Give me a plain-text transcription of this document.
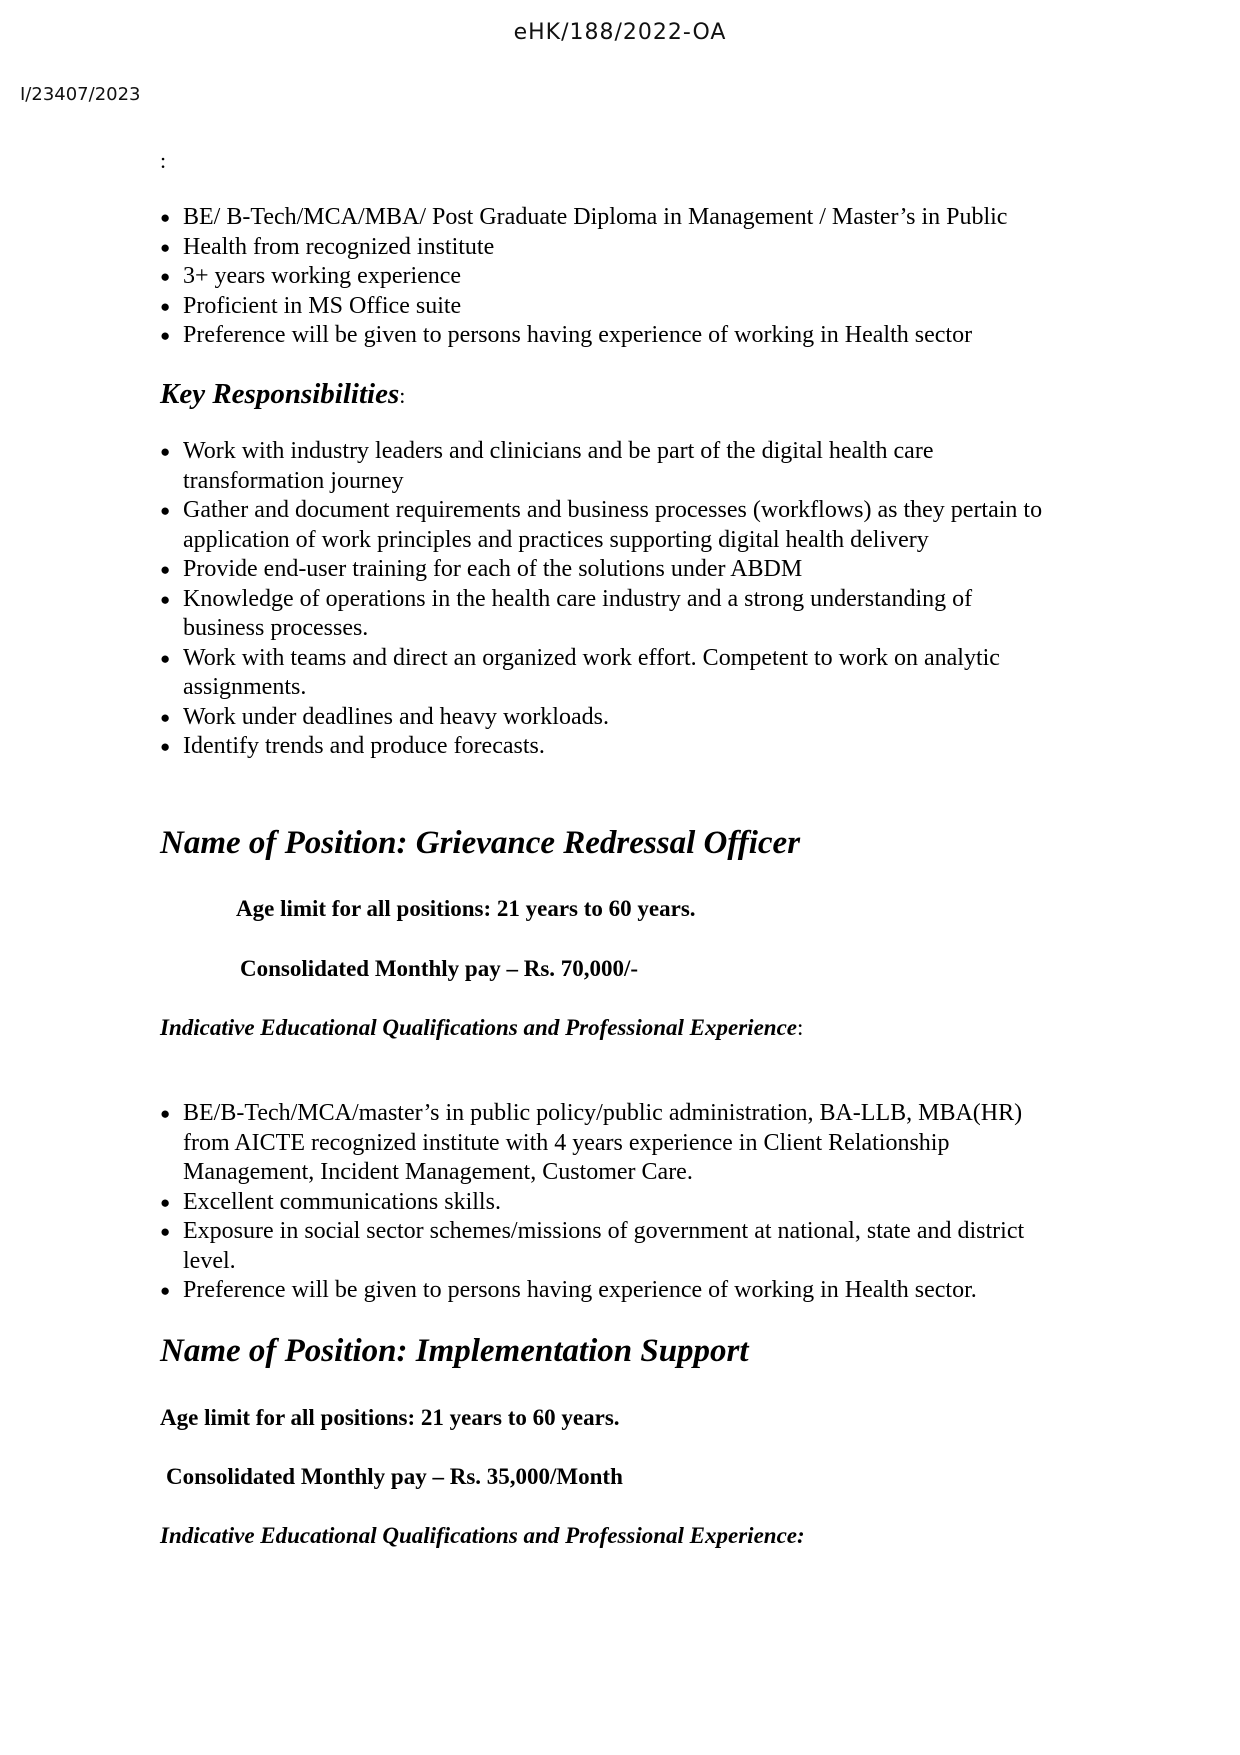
eHK/188/2022-OA
I/23407/2023
:
● BE/ B-Tech/MCA/MBA/ Post Graduate Diploma in Management / Master’s in Public
● Health from recognized institute
● 3+ years working experience
● Proficient in MS Office suite
● Preference will be given to persons having experience of working in Health sector
Key Responsibilities:
● Work with industry leaders and clinicians and be part of the digital health care
transformation journey
● Gather and document requirements and business processes (workflows) as they pertain to
application of work principles and practices supporting digital health delivery
● Provide end-user training for each of the solutions under ABDM
● Knowledge of operations in the health care industry and a strong understanding of
business processes.
● Work with teams and direct an organized work effort. Competent to work on analytic
assignments.
● Work under deadlines and heavy workloads.
● Identify trends and produce forecasts.
Name of Position: Grievance Redressal Officer
Age limit for all positions: 21 years to 60 years.
Consolidated Monthly pay – Rs. 70,000/-
Indicative Educational Qualifications and Professional Experience:
● BE/B-Tech/MCA/master’s in public policy/public administration, BA-LLB, MBA(HR)
from AICTE recognized institute with 4 years experience in Client Relationship
Management, Incident Management, Customer Care.
● Excellent communications skills.
● Exposure in social sector schemes/missions of government at national, state and district
level.
● Preference will be given to persons having experience of working in Health sector.
Name of Position: Implementation Support
Age limit for all positions: 21 years to 60 years.
Consolidated Monthly pay – Rs. 35,000/Month
Indicative Educational Qualifications and Professional Experience:
